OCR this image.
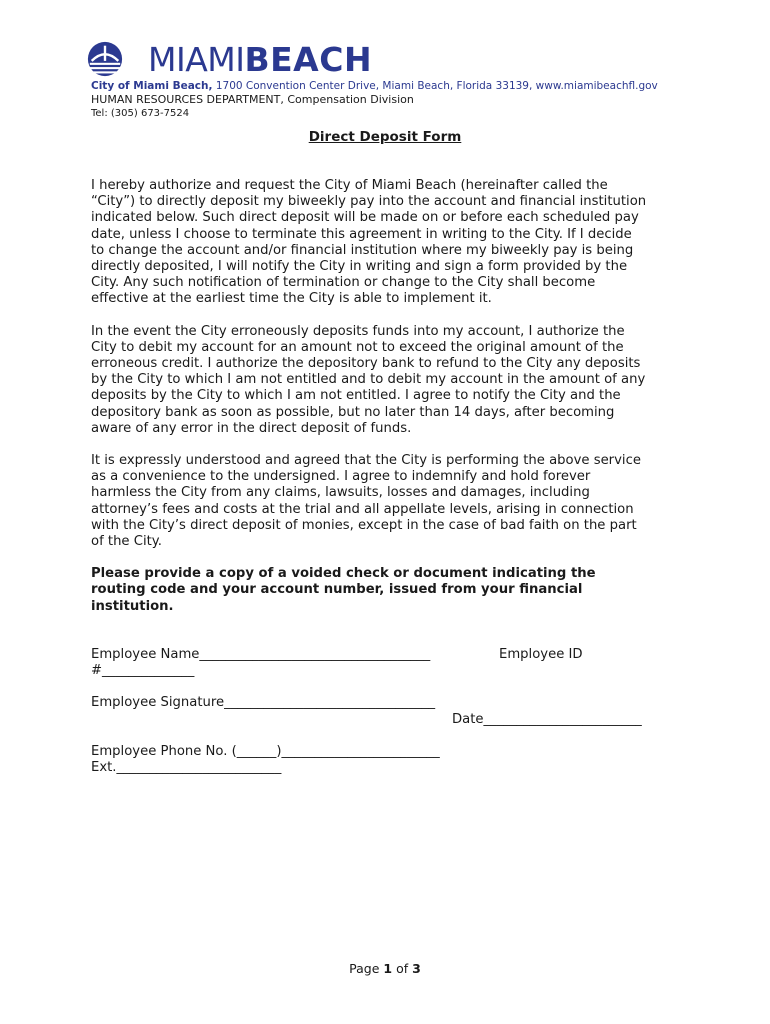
MIAMIBEACH
City of Miami Beach, 1700 Convention Center Drive, Miami Beach, Florida 33139, www.miamibeachfl.gov
HUMAN RESOURCES DEPARTMENT, Compensation Division
Tel: (305) 673-7524
Direct Deposit Form

I hereby authorize and request the City of Miami Beach (hereinafter called the
“City”) to directly deposit my biweekly pay into the account and financial institution
indicated below. Such direct deposit will be made on or before each scheduled pay
date, unless I choose to terminate this agreement in writing to the City. If I decide
to change the account and/or financial institution where my biweekly pay is being
directly deposited, I will notify the City in writing and sign a form provided by the
City. Any such notification of termination or change to the City shall become
effective at the earliest time the City is able to implement it.

In the event the City erroneously deposits funds into my account, I authorize the
City to debit my account for an amount not to exceed the original amount of the
erroneous credit. I authorize the depository bank to refund to the City any deposits
by the City to which I am not entitled and to debit my account in the amount of any
deposits by the City to which I am not entitled. I agree to notify the City and the
depository bank as soon as possible, but no later than 14 days, after becoming
aware of any error in the direct deposit of funds.

It is expressly understood and agreed that the City is performing the above service
as a convenience to the undersigned. I agree to indemnify and hold forever
harmless the City from any claims, lawsuits, losses and damages, including
attorney’s fees and costs at the trial and all appellate levels, arising in connection
with the City’s direct deposit of monies, except in the case of bad faith on the part
of the City.

Please provide a copy of a voided check or document indicating the
routing code and your account number, issued from your financial
institution.

Employee Name___________________________________	Employee ID
#______________
Employee Signature________________________________
Date________________________
Employee Phone No. (______)________________________
Ext._________________________
Page 1 of 3
